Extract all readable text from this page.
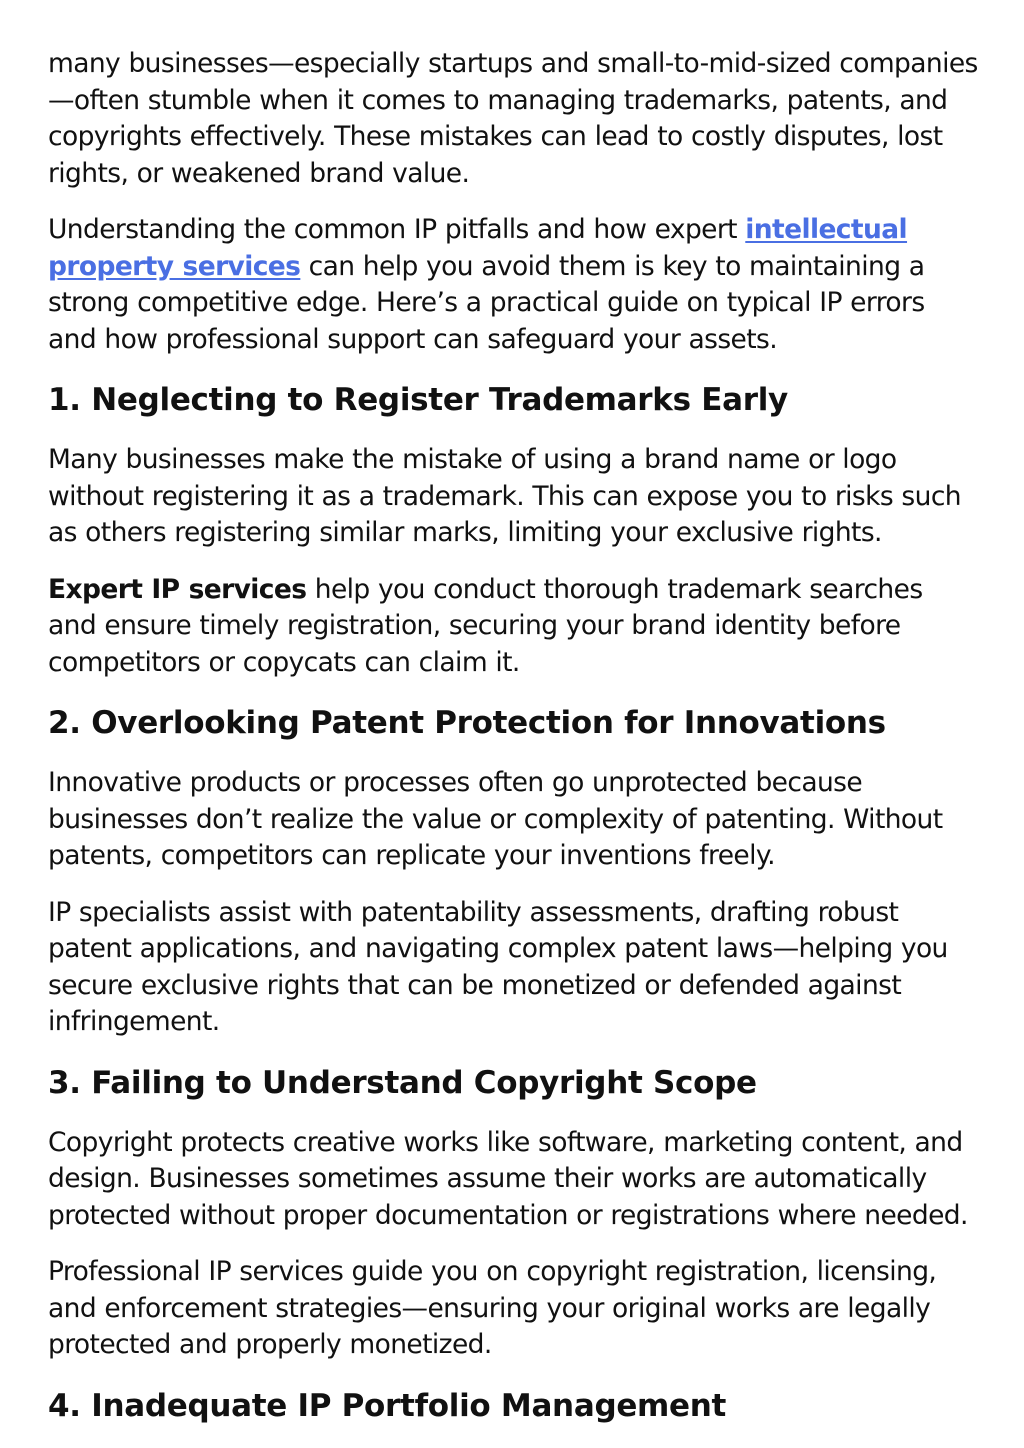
many businesses—especially startups and small-to-mid-sized companies—often stumble when it comes to managing trademarks, patents, and copyrights effectively. These mistakes can lead to costly disputes, lost rights, or weakened brand value.

Understanding the common IP pitfalls and how expert intellectual property services can help you avoid them is key to maintaining a strong competitive edge. Here’s a practical guide on typical IP errors and how professional support can safeguard your assets.

1. Neglecting to Register Trademarks Early

Many businesses make the mistake of using a brand name or logo without registering it as a trademark. This can expose you to risks such as others registering similar marks, limiting your exclusive rights.

Expert IP services help you conduct thorough trademark searches and ensure timely registration, securing your brand identity before competitors or copycats can claim it.

2. Overlooking Patent Protection for Innovations

Innovative products or processes often go unprotected because businesses don’t realize the value or complexity of patenting. Without patents, competitors can replicate your inventions freely.

IP specialists assist with patentability assessments, drafting robust patent applications, and navigating complex patent laws—helping you secure exclusive rights that can be monetized or defended against infringement.

3. Failing to Understand Copyright Scope

Copyright protects creative works like software, marketing content, and design. Businesses sometimes assume their works are automatically protected without proper documentation or registrations where needed.

Professional IP services guide you on copyright registration, licensing, and enforcement strategies—ensuring your original works are legally protected and properly monetized.

4. Inadequate IP Portfolio Management
